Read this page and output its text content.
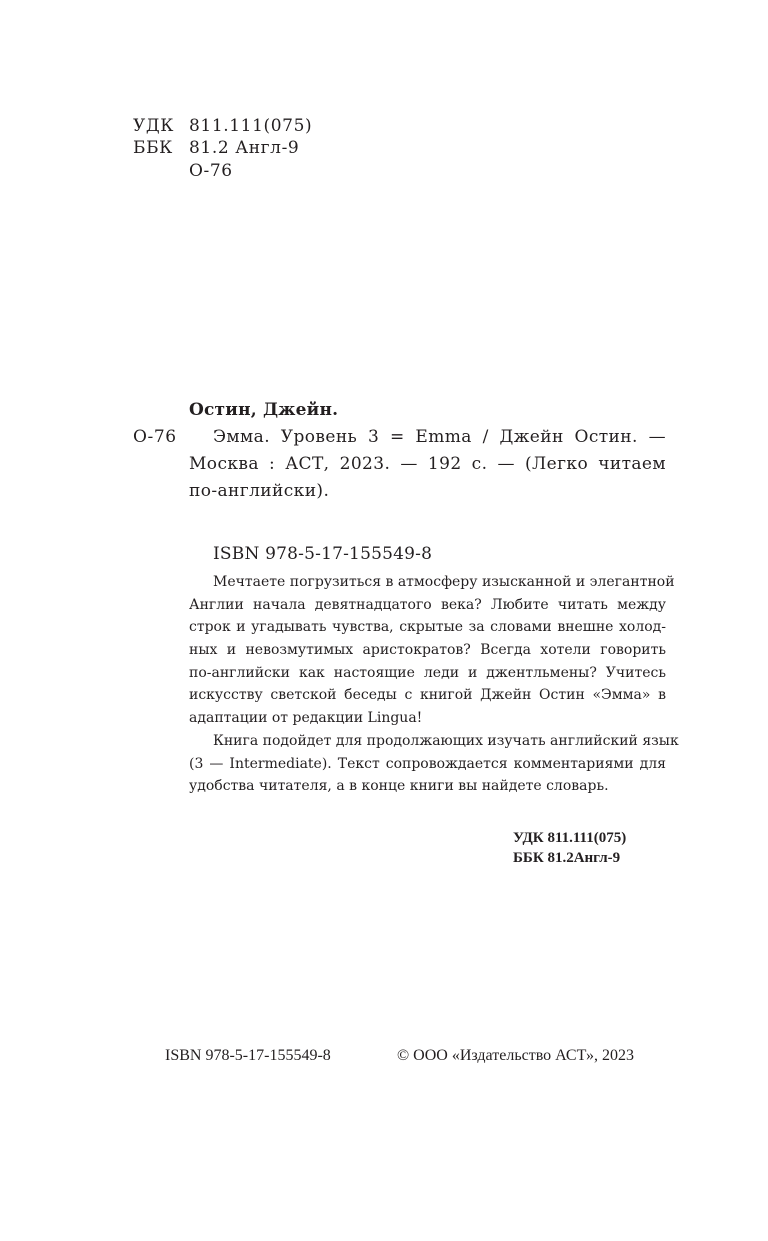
УДК 811.111(075)
ББК 81.2 Англ-9
О-76
Остин, Джейн.
О-76 Эмма. Уровень 3 = Emma / Джейн Остин. —
Москва : АСТ, 2023. — 192 с. — (Легко читаем
по-английски).
ISBN 978-5-17-155549-8
Мечтаете погрузиться в атмосферу изысканной и элегантной
Англии начала девятнадцатого века? Любите читать между
строк и угадывать чувства, скрытые за словами внешне холод-
ных и невозмутимых аристократов? Всегда хотели говорить
по-английски как настоящие леди и джентльмены? Учитесь
искусству светской беседы с книгой Джейн Остин «Эмма» в
адаптации от редакции Lingua!
Книга подойдет для продолжающих изучать английский язык
(3 — Intermediate). Текст сопровождается комментариями для
удобства читателя, а в конце книги вы найдете словарь.
УДК 811.111(075)
ББК 81.2Англ-9
ISBN 978-5-17-155549-8	© ООО «Издательство АСТ», 2023
